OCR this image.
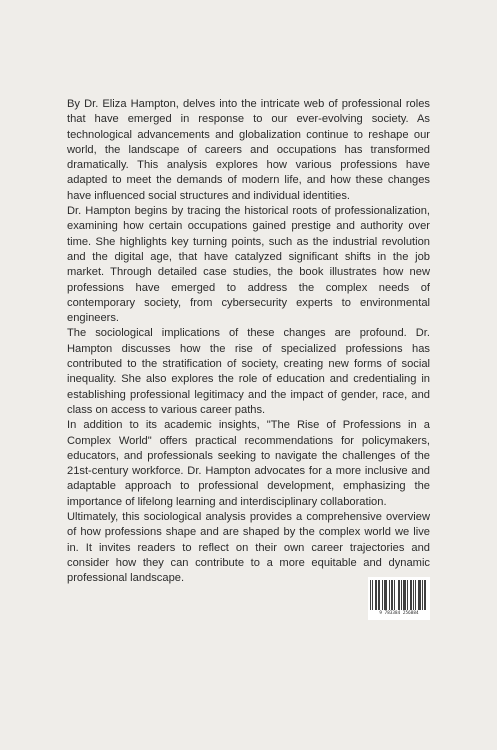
By Dr. Eliza Hampton, delves into the intricate web of professional roles that have emerged in response to our ever-evolving society. As technological advancements and globalization continue to reshape our world, the landscape of careers and occupations has transformed dramatically. This analysis explores how various professions have adapted to meet the demands of modern life, and how these changes have influenced social structures and individual identities.

Dr. Hampton begins by tracing the historical roots of professionalization, examining how certain occupations gained prestige and authority over time. She highlights key turning points, such as the industrial revolution and the digital age, that have catalyzed significant shifts in the job market. Through detailed case studies, the book illustrates how new professions have emerged to address the complex needs of contemporary society, from cybersecurity experts to environmental engineers.

The sociological implications of these changes are profound. Dr. Hampton discusses how the rise of specialized professions has contributed to the stratification of society, creating new forms of social inequality. She also explores the role of education and credentialing in establishing professional legitimacy and the impact of gender, race, and class on access to various career paths.

In addition to its academic insights, "The Rise of Professions in a Complex World" offers practical recommendations for policymakers, educators, and professionals seeking to navigate the challenges of the 21st-century workforce. Dr. Hampton advocates for a more inclusive and adaptable approach to professional development, emphasizing the importance of lifelong learning and interdisciplinary collaboration.

Ultimately, this sociological analysis provides a comprehensive overview of how professions shape and are shaped by the complex world we live in. It invites readers to reflect on their own career trajectories and consider how they can contribute to a more equitable and dynamic professional landscape.

9 783384 256884
